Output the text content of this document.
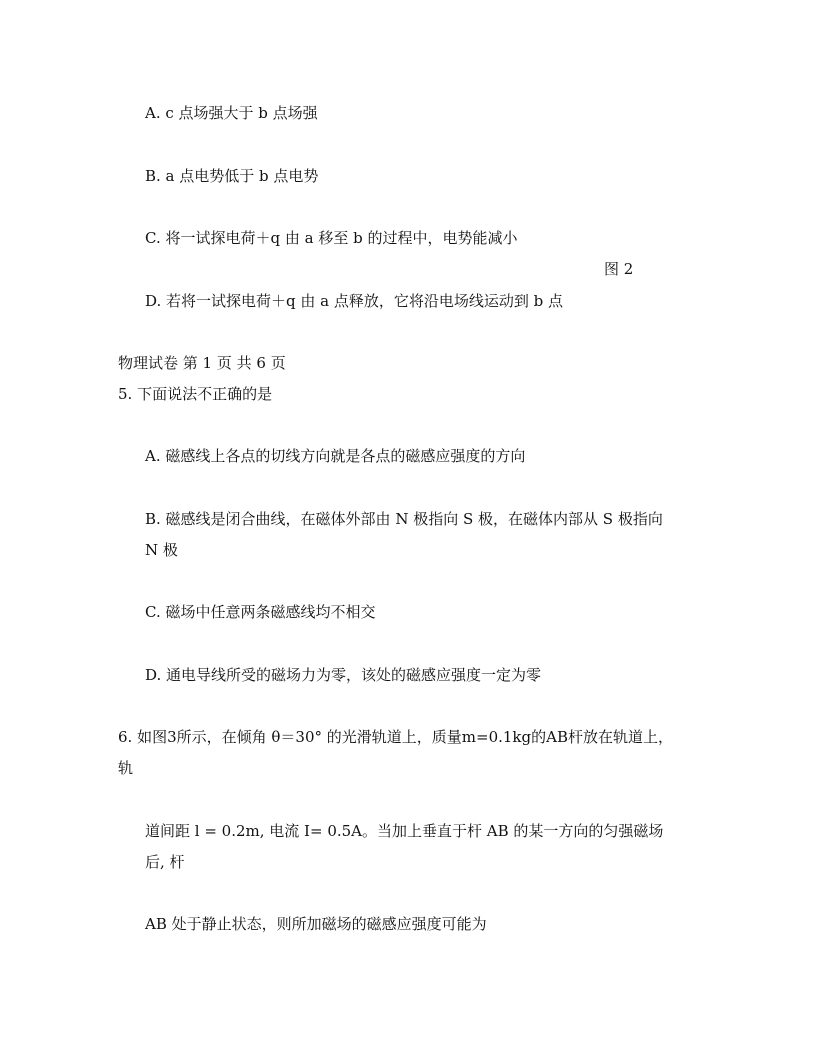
A. c 点场强大于 b 点场强
B. a 点电势低于 b 点电势
C. 将一试探电荷＋q 由 a 移至 b 的过程中，电势能减小
图 2
D. 若将一试探电荷＋q 由 a 点释放，它将沿电场线运动到 b 点
物理试卷 第 1 页 共 6 页
5. 下面说法不正确的是
A. 磁感线上各点的切线方向就是各点的磁感应强度的方向
B. 磁感线是闭合曲线，在磁体外部由 N 极指向 S 极，在磁体内部从 S 极指向
N 极
C. 磁场中任意两条磁感线均不相交
D. 通电导线所受的磁场力为零，该处的磁感应强度一定为零
6. 如图3所示，在倾角 θ＝30° 的光滑轨道上，质量m=0.1kg的AB杆放在轨道上，
轨
道间距 l = 0.2m, 电流 I= 0.5A。当加上垂直于杆 AB 的某一方向的匀强磁场
后, 杆
AB 处于静止状态，则所加磁场的磁感应强度可能为
